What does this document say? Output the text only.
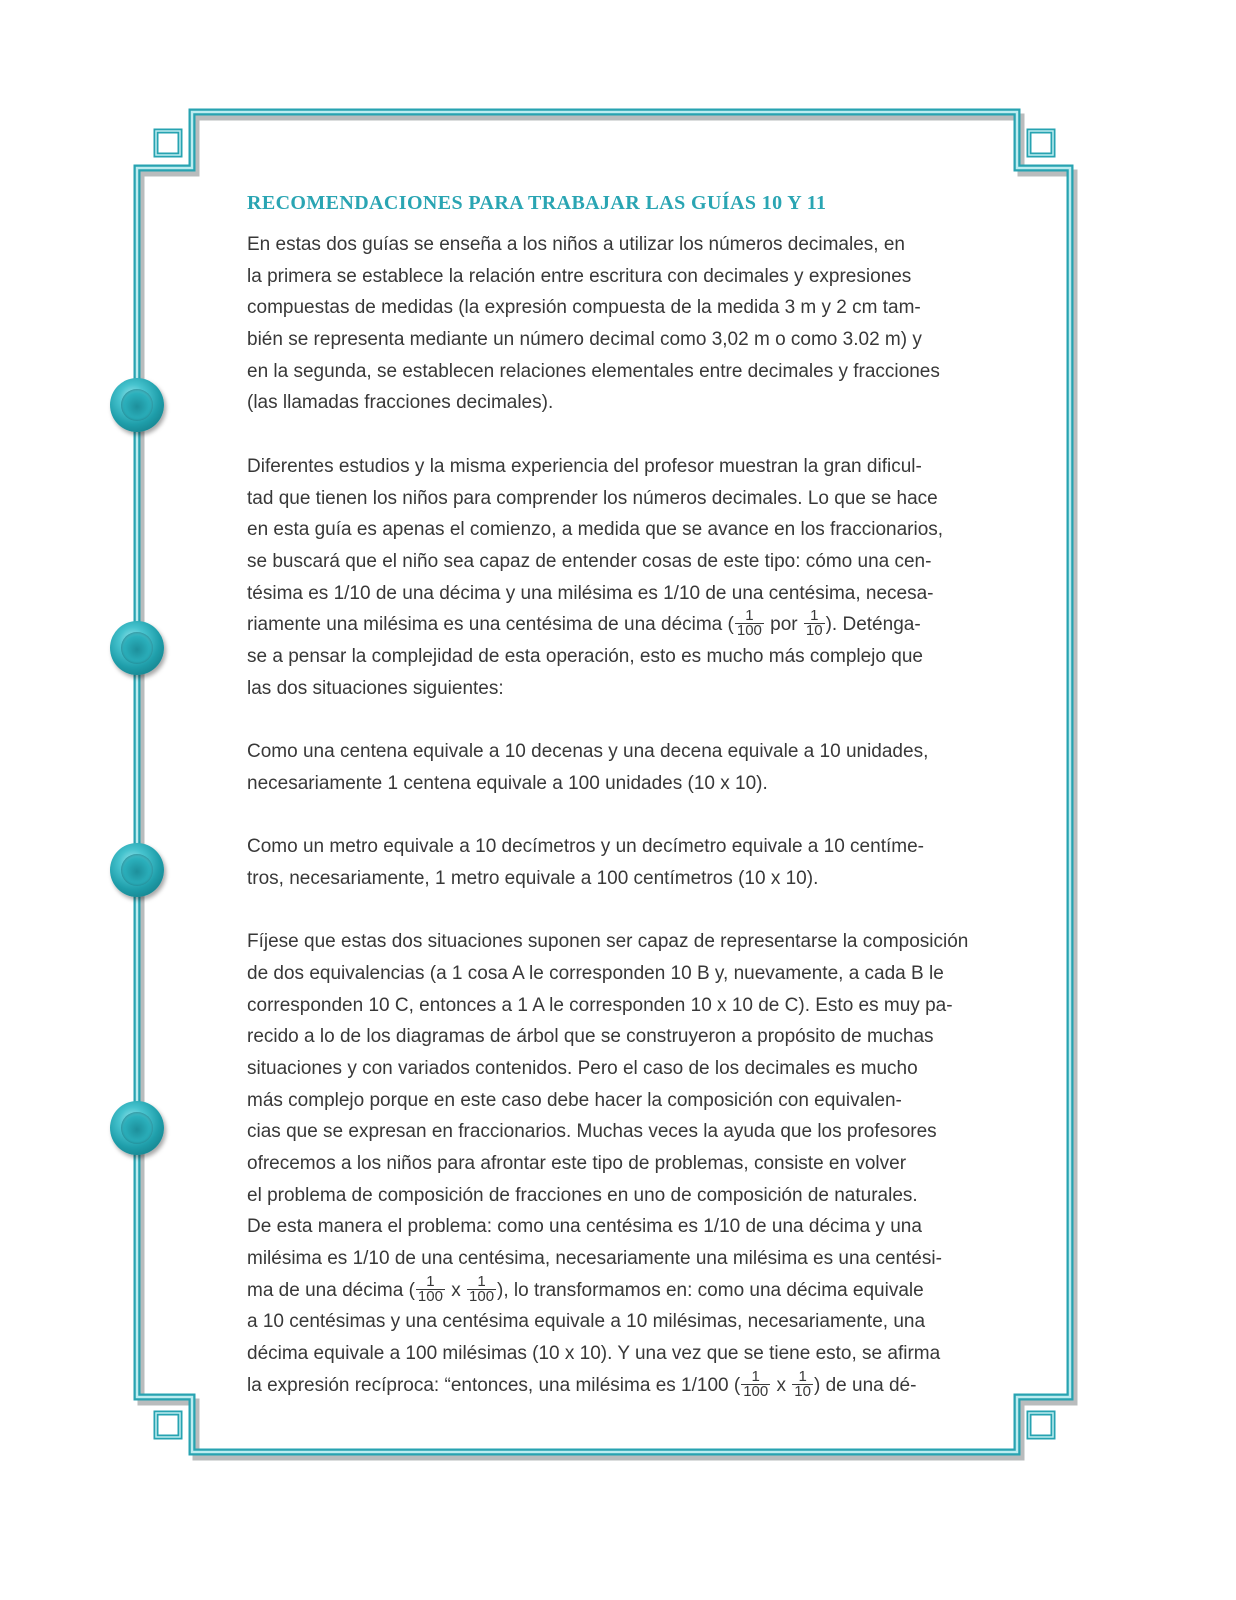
RECOMENDACIONES PARA TRABAJAR LAS GUÍAS 10 Y 11
En estas dos guías se enseña a los niños a utilizar los números decimales, en
la primera se establece la relación entre escritura con decimales y expresiones
compuestas de medidas (la expresión compuesta de la medida 3 m y 2 cm tam-
bién se representa mediante un número decimal como 3,02 m o como 3.02 m) y
en la segunda, se establecen relaciones elementales entre decimales y fracciones
(las llamadas fracciones decimales).
Diferentes estudios y la misma experiencia del profesor muestran la gran dificul-
tad que tienen los niños para comprender los números decimales. Lo que se hace
en esta guía es apenas el comienzo, a medida que se avance en los fraccionarios,
se buscará que el niño sea capaz de entender cosas de este tipo: cómo una cen-
tésima es 1/10 de una décima y una milésima es 1/10 de una centésima, necesa-
riamente una milésima es una centésima de una décima ( $\frac{1}{100}$ por $\frac{1}{10}$ ). Deténga-
se a pensar la complejidad de esta operación, esto es mucho más complejo que
las dos situaciones siguientes:
Como una centena equivale a 10 decenas y una decena equivale a 10 unidades,
necesariamente 1 centena equivale a 100 unidades (10 x 10).
Como un metro equivale a 10 decímetros y un decímetro equivale a 10 centíme-
tros, necesariamente, 1 metro equivale a 100 centímetros (10 x 10).
Fíjese que estas dos situaciones suponen ser capaz de representarse la composición
de dos equivalencias (a 1 cosa A le corresponden 10 B y, nuevamente, a cada B le
corresponden 10 C, entonces a 1 A le corresponden 10 x 10 de C). Esto es muy pa-
recido a lo de los diagramas de árbol que se construyeron a propósito de muchas
situaciones y con variados contenidos. Pero el caso de los decimales es mucho
más complejo porque en este caso debe hacer la composición con equivalen-
cias que se expresan en fraccionarios. Muchas veces la ayuda que los profesores
ofrecemos a los niños para afrontar este tipo de problemas, consiste en volver
el problema de composición de fracciones en uno de composición de naturales.
De esta manera el problema: como una centésima es 1/10 de una décima y una
milésima es 1/10 de una centésima, necesariamente una milésima es una centési-
ma de una décima ( $\frac{1}{100}$ x $\frac{1}{100}$ ), lo transformamos en: como una décima equivale
a 10 centésimas y una centésima equivale a 10 milésimas, necesariamente, una
décima equivale a 100 milésimas (10 x 10). Y una vez que se tiene esto, se afirma
la expresión recíproca: “entonces, una milésima es 1/100 ( $\frac{1}{100}$ x $\frac{1}{10}$ ) de una dé-
